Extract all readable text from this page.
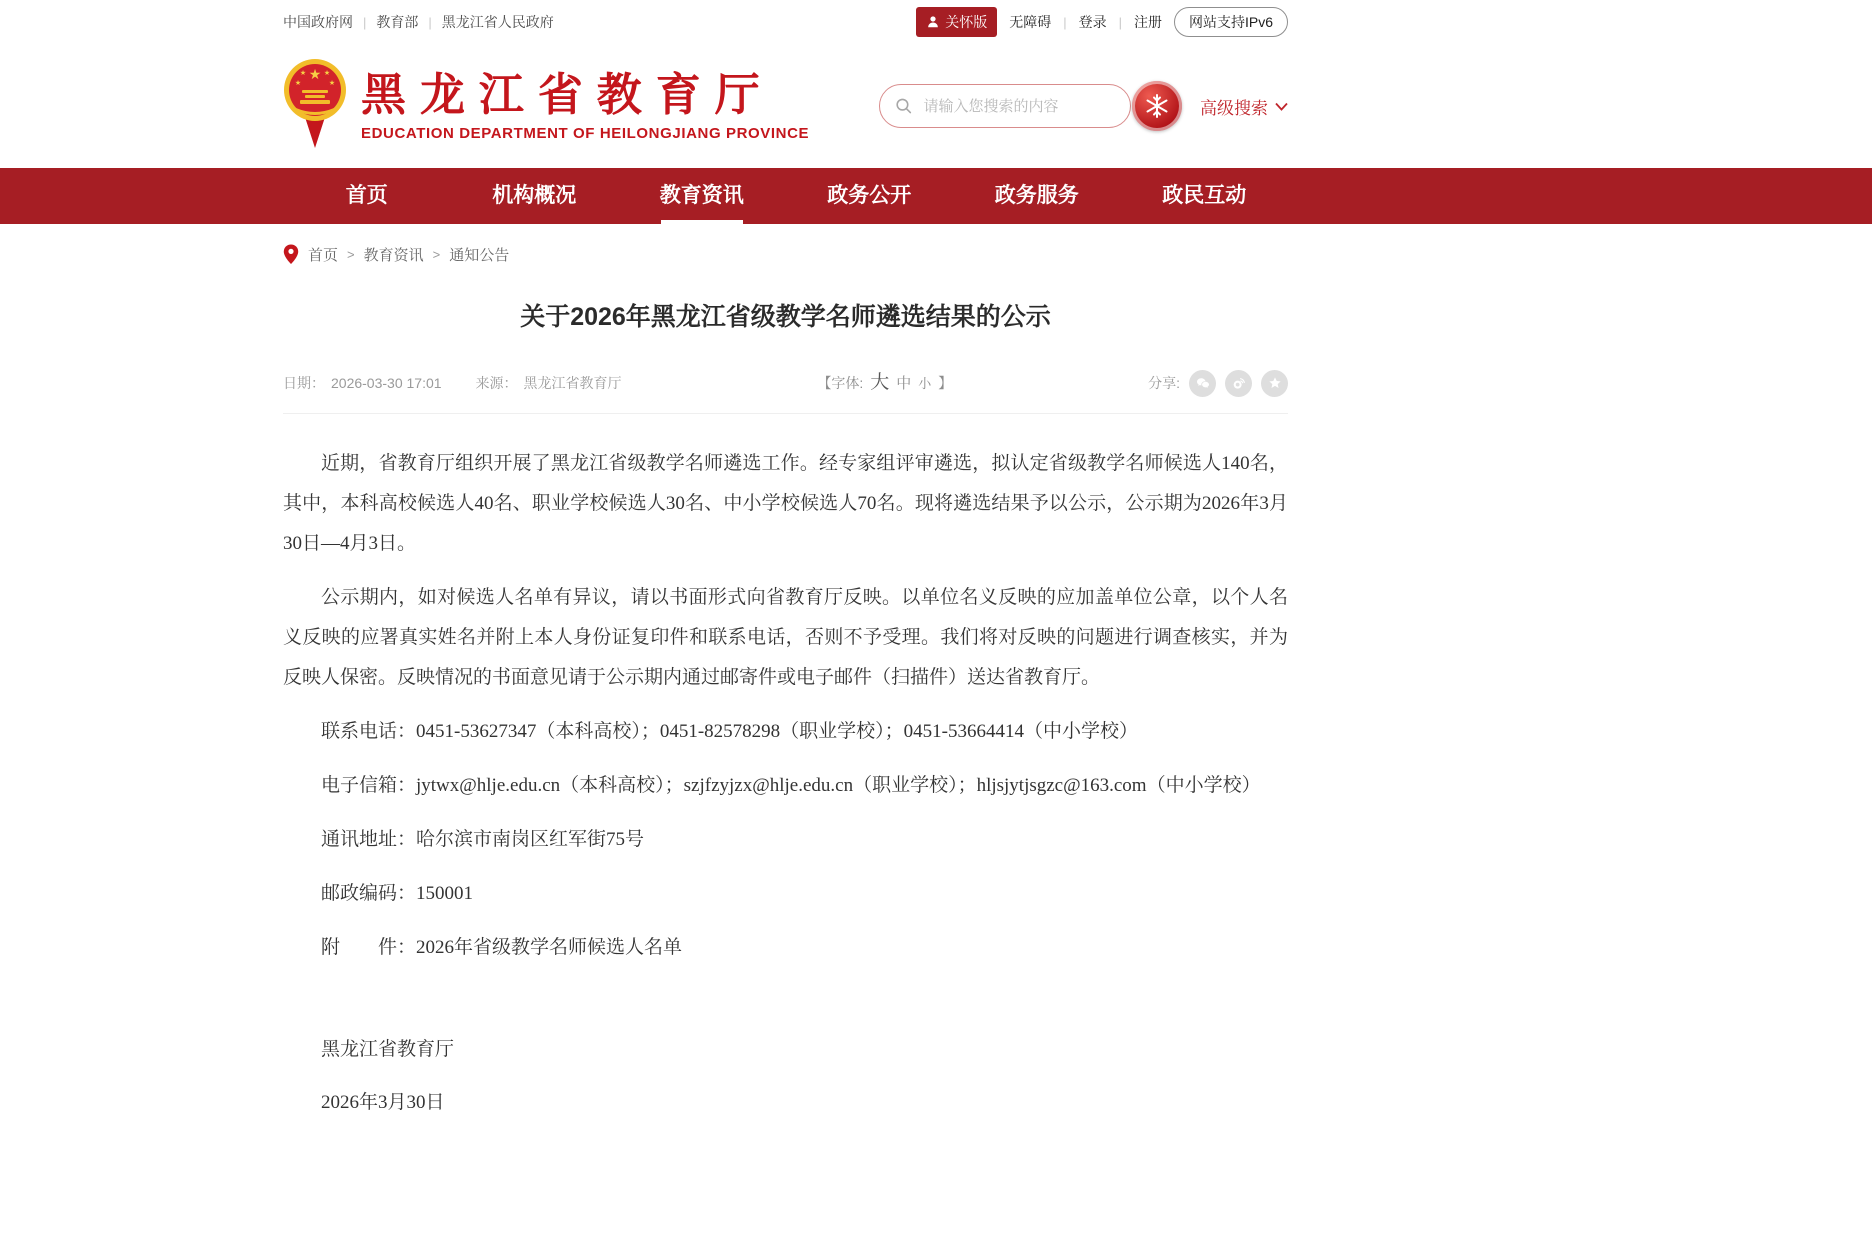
中国政府网 | 教育部 | 黑龙江省人民政府	关怀版 无障碍 | 登录 | 注册	网站支持IPv6
★
★	★
★	★ 黑龙江省教育厅
EDUCATION DEPARTMENT OF HEILONGJIANG PROVINCE
请输入您搜索的内容
高级搜索
首页	机构概况	教育资讯	政务公开	政务服务	政民互动
首页 > 教育资讯 > 通知公告
关于2026年黑龙江省级教学名师遴选结果的公示
日期： 2026-03-30 17:01 来源： 黑龙江省教育厅	【字体: 大 中 小 】	分享:

近期，省教育厅组织开展了黑龙江省级教学名师遴选工作。经专家组评审遴选，拟认定省级教学名师候选人140名，其中，本科高校候选人40名、职业学校候选人30名、中小学校候选人70名。现将遴选结果予以公示，公示期为2026年3月30日—4月3日。

公示期内，如对候选人名单有异议，请以书面形式向省教育厅反映。以单位名义反映的应加盖单位公章，以个人名义反映的应署真实姓名并附上本人身份证复印件和联系电话，否则不予受理。我们将对反映的问题进行调查核实，并为反映人保密。反映情况的书面意见请于公示期内通过邮寄件或电子邮件（扫描件）送达省教育厅。

联系电话：0451-53627347（本科高校）；0451-82578298（职业学校）；0451-53664414（中小学校）

电子信箱：jytwx@hlje.edu.cn（本科高校）；szjfzyjzx@hlje.edu.cn（职业学校）；hljsjytjsgzc@163.com（中小学校）

通讯地址：哈尔滨市南岗区红军街75号

邮政编码：150001

附　　件：2026年省级教学名师候选人名单

黑龙江省教育厅

2026年3月30日
